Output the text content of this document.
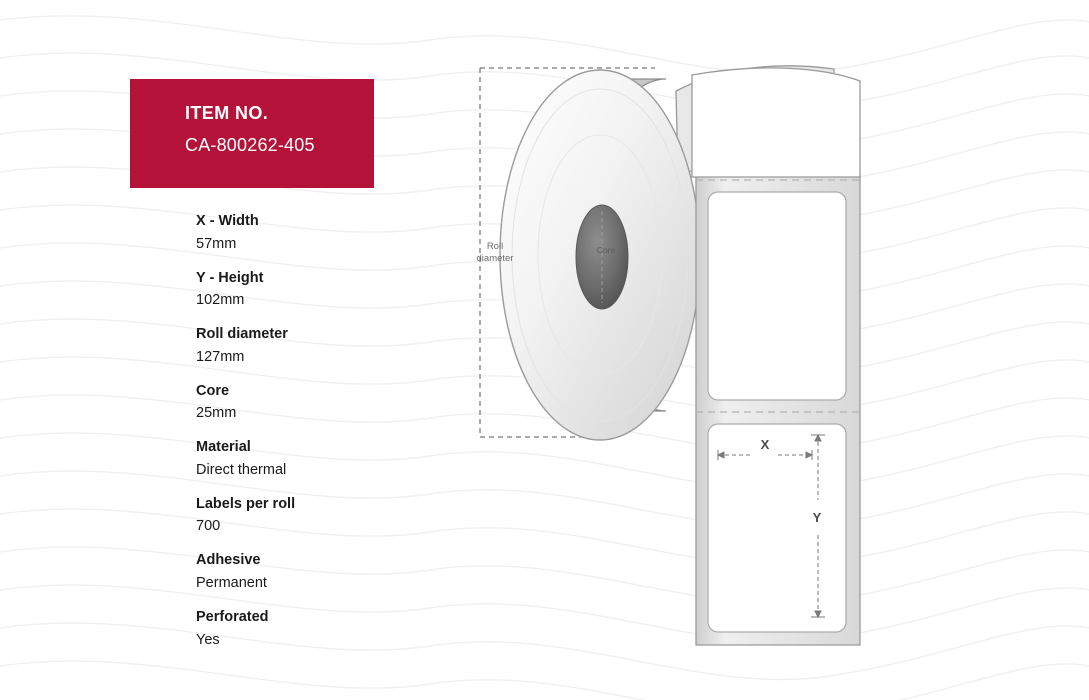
ITEM NO.
CA-800262-405
X - Width
57mm
Y - Height
102mm
Roll diameter
127mm
Core
25mm
Material
Direct thermal
Labels per roll
700
Adhesive
Permanent
Perforated
Yes
Roll
diameter
Core
X
Y
